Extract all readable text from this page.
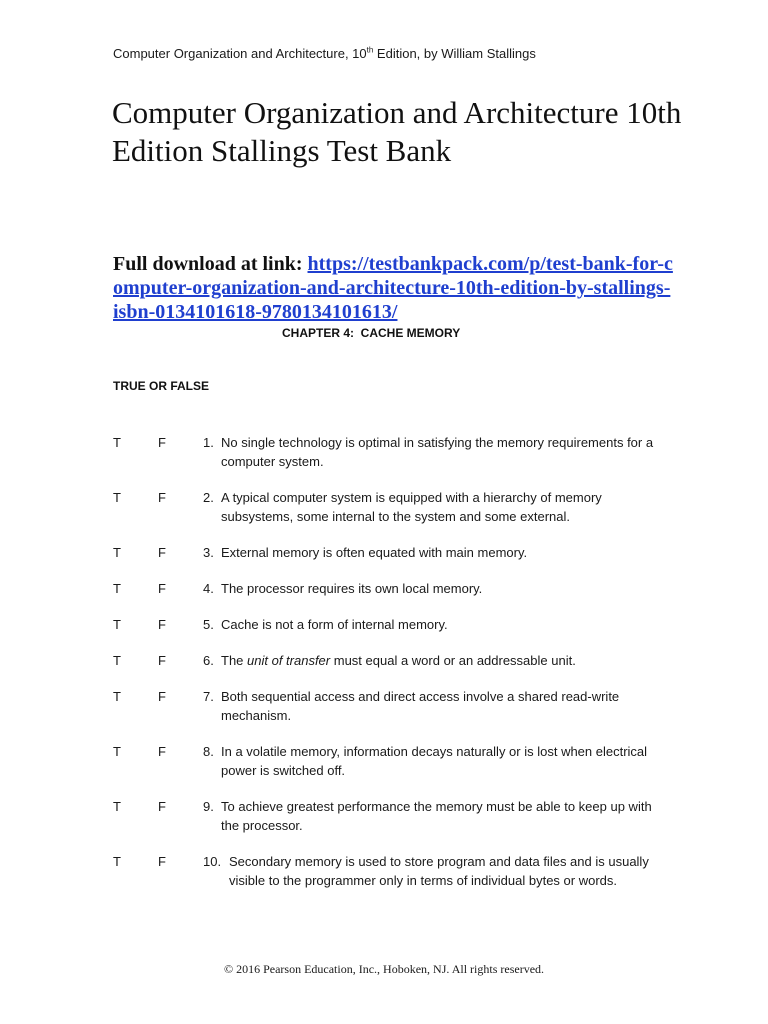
Computer Organization and Architecture, 10th Edition, by William Stallings
Computer Organization and Architecture 10th Edition Stallings Test Bank
Full download at link: https://testbankpack.com/p/test-bank-for-computer-organization-and-architecture-10th-edition-by-stallings-isbn-0134101618-9780134101613/
CHAPTER 4:  CACHE MEMORY
TRUE OR FALSE
T	F	1. No single technology is optimal in satisfying the memory requirements for a computer system.
T	F	2. A typical computer system is equipped with a hierarchy of memory subsystems, some internal to the system and some external.
T	F	3. External memory is often equated with main memory.
T	F	4. The processor requires its own local memory.
T	F	5. Cache is not a form of internal memory.
T	F	6. The unit of transfer must equal a word or an addressable unit.
T	F	7. Both sequential access and direct access involve a shared read-write mechanism.
T	F	8. In a volatile memory, information decays naturally or is lost when electrical power is switched off.
T	F	9. To achieve greatest performance the memory must be able to keep up with the processor.
T	F	10. Secondary memory is used to store program and data files and is usually visible to the programmer only in terms of individual bytes or words.
© 2016 Pearson Education, Inc., Hoboken, NJ. All rights reserved.
